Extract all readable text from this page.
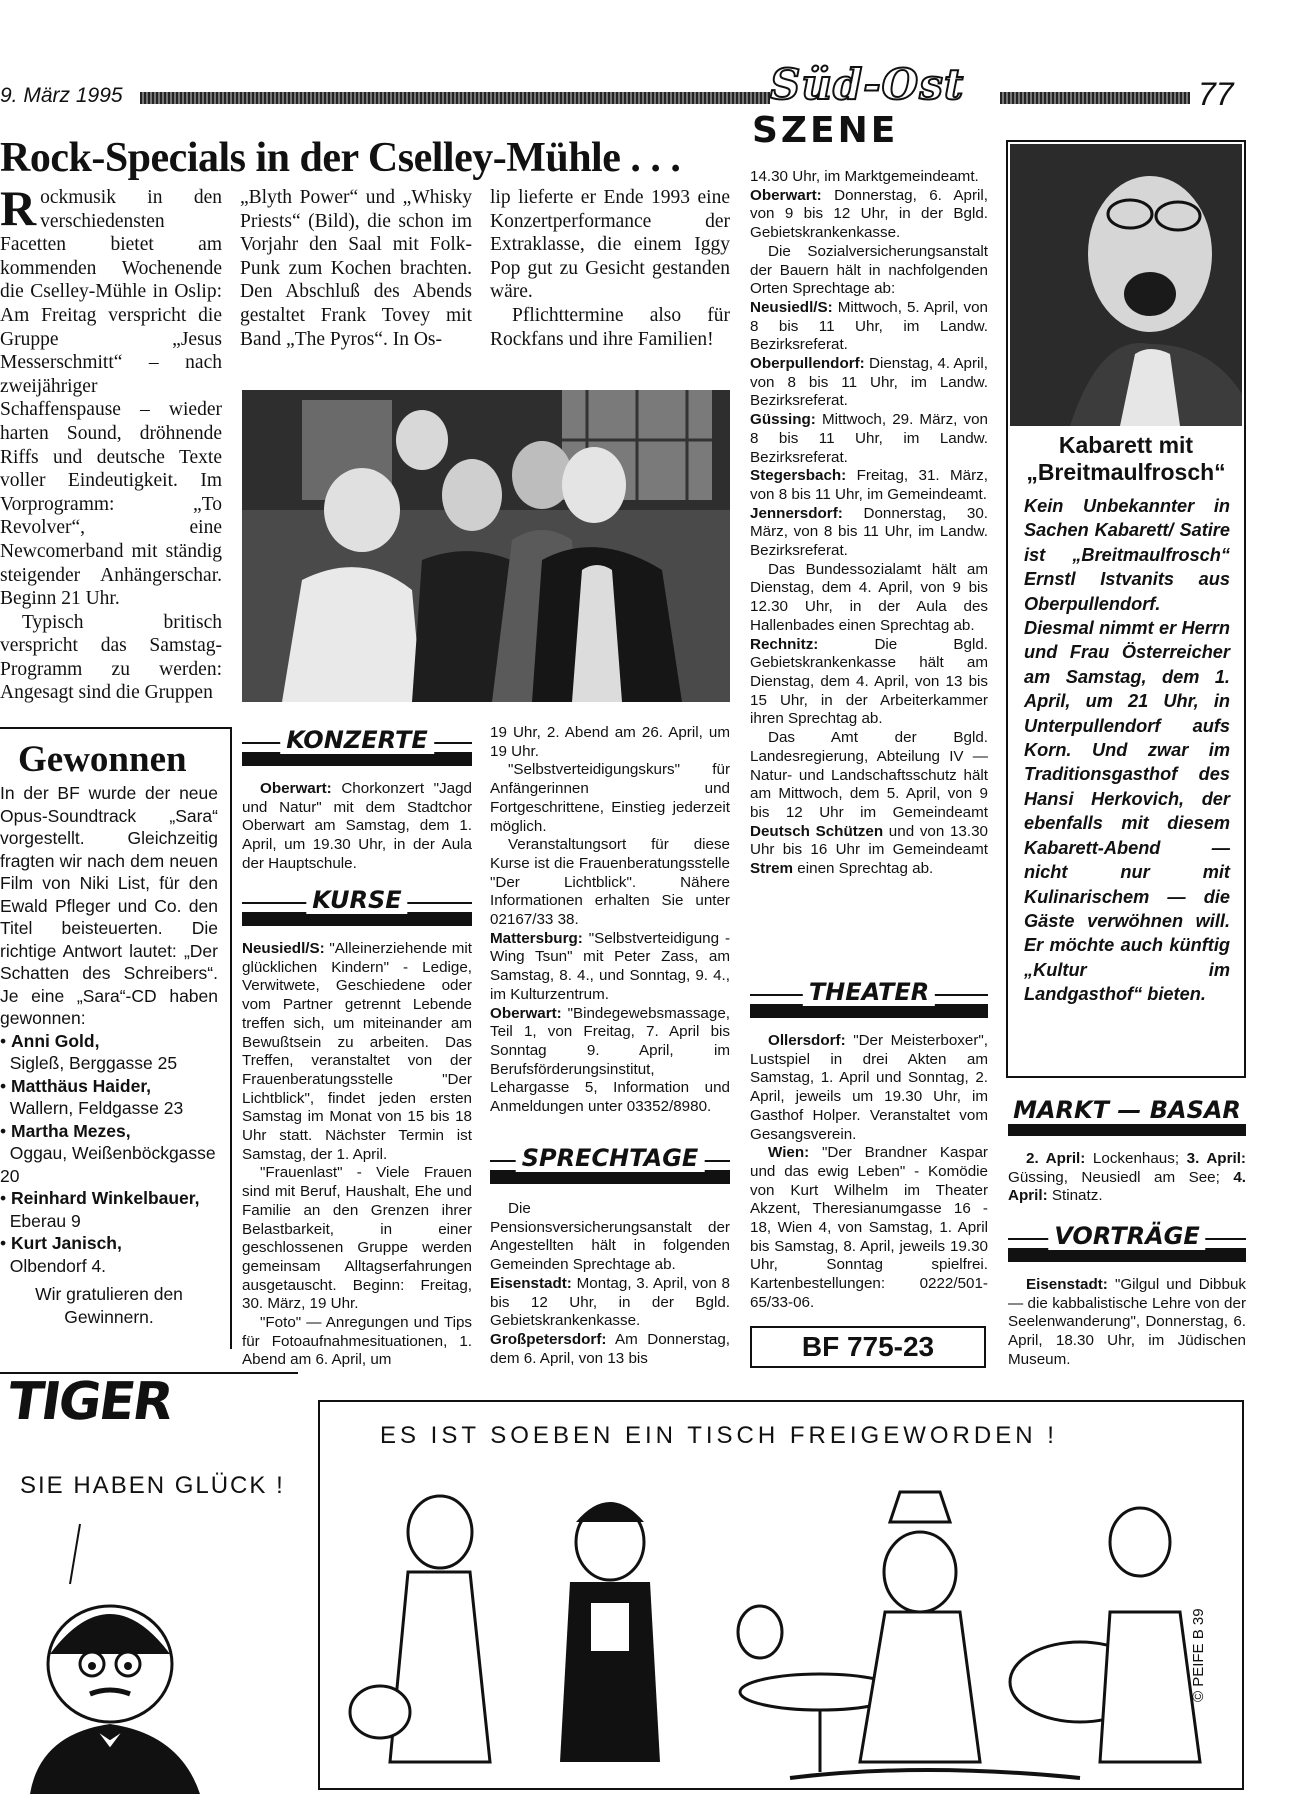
9. März 1995	Süd-Ost
SZENE
77
Rock-Specials in der Cselley-Mühle . . .

Rockmusik in den verschiedensten Facetten bietet am kommenden Wochenende die Cselley-Mühle in Oslip: Am Freitag verspricht die Gruppe „Jesus Messerschmitt“ – nach zweijähriger Schaffenspause – wieder harten Sound, dröhnende Riffs und deutsche Texte voller Eindeutigkeit. Im Vorprogramm: „To Revolver“, eine Newcomerband mit ständig steigender Anhängerschar. Beginn 21 Uhr.

Typisch britisch verspricht das Samstag-Programm zu werden: Angesagt sind die Gruppen

„Blyth Power“ und „Whisky Priests“ (Bild), die schon im Vorjahr den Saal mit Folk-Punk zum Kochen brachten. Den Abschluß des Abends gestaltet Frank Tovey mit Band „The Pyros“. In Os-

lip lieferte er Ende 1993 eine Konzertperformance der Extraklasse, die einem Iggy Pop gut zu Gesicht gestanden wäre.

Pflichttermine also für Rockfans und ihre Familien!

Gewonnen

In der BF wurde der neue Opus-Soundtrack „Sara“ vorgestellt. Gleichzeitig fragten wir nach dem neuen Film von Niki List, für den Ewald Pfleger und Co. den Titel beisteuerten. Die richtige Antwort lautet: „Der Schatten des Schreibers“. Je eine „Sara“-CD haben gewonnen:

• Anni Gold,
Sigleß, Berggasse 25
• Matthäus Haider,
Wallern, Feldgasse 23
• Martha Mezes,
Oggau, Weißenböckgasse 20
• Reinhard Winkelbauer,
Eberau 9
• Kurt Janisch,
Olbendorf 4.

Wir gratulieren den Gewinnern.

KONZERTE

Oberwart: Chorkonzert "Jagd und Natur" mit dem Stadtchor Oberwart am Samstag, dem 1. April, um 19.30 Uhr, in der Aula der Hauptschule.

KURSE

Neusiedl/S: "Alleinerziehende mit glücklichen Kindern" - Ledige, Verwitwete, Geschiedene oder vom Partner getrennt Lebende treffen sich, um miteinander am Bewußtsein zu arbeiten. Das Treffen, veranstaltet von der Frauenberatungsstelle "Der Lichtblick", findet jeden ersten Samstag im Monat von 15 bis 18 Uhr statt. Nächster Termin ist Samstag, der 1. April.

"Frauenlast" - Viele Frauen sind mit Beruf, Haushalt, Ehe und Familie an den Grenzen ihrer Belastbarkeit, in einer geschlossenen Gruppe werden gemeinsam Alltagserfahrungen ausgetauscht. Beginn: Freitag, 30. März, 19 Uhr.

"Foto" — Anregungen und Tips für Fotoaufnahmesituationen, 1. Abend am 6. April, um

19 Uhr, 2. Abend am 26. April, um 19 Uhr.

"Selbstverteidigungskurs" für Anfängerinnen und Fortgeschrittene, Einstieg jederzeit möglich.

Veranstaltungsort für diese Kurse ist die Frauenberatungsstelle "Der Lichtblick". Nähere Informationen erhalten Sie unter 02167/33 38.

Mattersburg: "Selbstverteidigung - Wing Tsun" mit Peter Zass, am Samstag, 8. 4., und Sonntag, 9. 4., im Kulturzentrum.

Oberwart: "Bindegewebsmassage, Teil 1, von Freitag, 7. April bis Sonntag 9. April, im Berufsförderungsinstitut, Lehargasse 5, Information und Anmeldungen unter 03352/8980.

SPRECHTAGE

Die Pensionsversicherungsanstalt der Angestellten hält in folgenden Gemeinden Sprechtage ab.

Eisenstadt: Montag, 3. April, von 8 bis 12 Uhr, in der Bgld. Gebietskrankenkasse.

Großpetersdorf: Am Donnerstag, dem 6. April, von 13 bis

14.30 Uhr, im Marktgemeindeamt.

Oberwart: Donnerstag, 6. April, von 9 bis 12 Uhr, in der Bgld. Gebietskrankenkasse.

Die Sozialversicherungsanstalt der Bauern hält in nachfolgenden Orten Sprechtage ab:

Neusiedl/S: Mittwoch, 5. April, von 8 bis 11 Uhr, im Landw. Bezirksreferat.

Oberpullendorf: Dienstag, 4. April, von 8 bis 11 Uhr, im Landw. Bezirksreferat.

Güssing: Mittwoch, 29. März, von 8 bis 11 Uhr, im Landw. Bezirksreferat.

Stegersbach: Freitag, 31. März, von 8 bis 11 Uhr, im Gemeindeamt.

Jennersdorf: Donnerstag, 30. März, von 8 bis 11 Uhr, im Landw. Bezirksreferat.

Das Bundessozialamt hält am Dienstag, dem 4. April, von 9 bis 12.30 Uhr, in der Aula des Hallenbades einen Sprechtag ab.

Rechnitz:	Die Bgld. Gebietskrankenkasse hält am Dienstag, dem 4. April, von 13 bis 15 Uhr, in der Arbeiterkammer ihren Sprechtag ab.

Das Amt der Bgld. Landesregierung, Abteilung IV — Natur- und Landschaftsschutz hält am Mittwoch, dem 5. April, von 9 bis 12 Uhr im Gemeindeamt Deutsch Schützen und von 13.30 Uhr bis 16 Uhr im Gemeindeamt Strem einen Sprechtag ab.

THEATER

Ollersdorf: "Der Meisterboxer", Lustspiel in drei Akten am Samstag, 1. April und Sonntag, 2. April, jeweils um 19.30 Uhr, im Gasthof Holper. Veranstaltet vom Gesangsverein.

Wien: "Der Brandner Kaspar und das ewig Leben" - Komödie von Kurt Wilhelm im Theater Akzent, Theresianumgasse 16 - 18, Wien 4, von Samstag, 1. April bis Samstag, 8. April, jeweils 19.30 Uhr, Sonntag spielfrei. Kartenbestellungen: 0222/501-65/33-06.

BF 775-23
Kabarett mit
„Breitmaulfrosch“
Kein Unbekannter in Sachen Kabarett/ Satire ist „Breitmaulfrosch“ Ernstl Istvanits aus Oberpullendorf. Diesmal nimmt er Herrn und Frau Österreicher am Samstag, dem 1. April, um 21 Uhr, in Unterpullendorf aufs Korn. Und zwar im Traditionsgasthof des Hansi Herkovich, der ebenfalls mit diesem Kabarett-Abend — nicht nur mit Kulinarischem — die Gäste verwöhnen will. Er möchte auch künftig „Kultur im Landgasthof“ bieten.
MARKT — BASAR

2. April: Lockenhaus; 3. April: Güssing, Neusiedl am See; 4. April: Stinatz.

VORTRÄGE

Eisenstadt: "Gilgul und Dibbuk — die kabbalistische Lehre von der Seelenwanderung", Donnerstag, 6. April, 18.30 Uhr, im Jüdischen Museum.

TIGER
SIE HABEN GLÜCK !
ES IST SOEBEN EIN TISCH FREIGEWORDEN !
© PEIFE B 39
